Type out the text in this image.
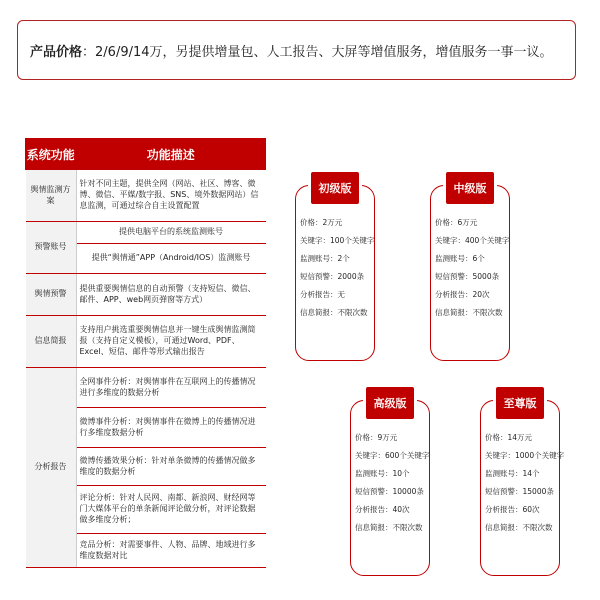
产品价格 ：2/6/9/14万，另提供增量包、人工报告、大屏等增值服务，增值服务一事一议。
系统功能	功能描述
舆情监测方案	针对不同主题，提供全网（网站、社区、博客、微博、微信、平媒/数字报、SNS、境外数据网站）信息监测，可通过综合自主设置配置
预警账号	提供电脑平台的系统监测账号
	提供“舆情通”APP（Android/IOS）监测账号
舆情预警	提供重要舆情信息的自动预警（支持短信、微信、邮件、APP、web网页弹窗等方式）
信息简报	支持用户挑选重要舆情信息并一键生成舆情监测简报（支持自定义模板），可通过Word、PDF、Excel、短信、邮件等形式输出报告
分析报告	全网事件分析：对舆情事件在互联网上的传播情况进行多维度的数据分析
	微博事件分析：对舆情事件在微博上的传播情况进行多维度数据分析
	微博传播效果分析：针对单条微博的传播情况做多维度的数据分析
	评论分析：针对人民网、南都、新浪网、财经网等门大媒体平台的单条新闻评论做分析，对评论数据做多维度分析；
	竞品分析：对需要事件、人物、品牌、地域进行多维度数据对比
初级版
价格：2万元
关键字：100个关键字
监测账号：2个
短信预警：2000条
分析报告：无
信息简报：不限次数
中级版
价格：6万元
关键字：400个关键字
监测账号：6个
短信预警：5000条
分析报告：20次
信息简报：不限次数
高级版
价格：9万元
关键字：600个关键字
监测账号：10个
短信预警：10000条
分析报告：40次
信息简报：不限次数
至尊版
价格：14万元
关键字：1000个关键字
监测账号：14个
短信预警：15000条
分析报告：60次
信息简报：不限次数
